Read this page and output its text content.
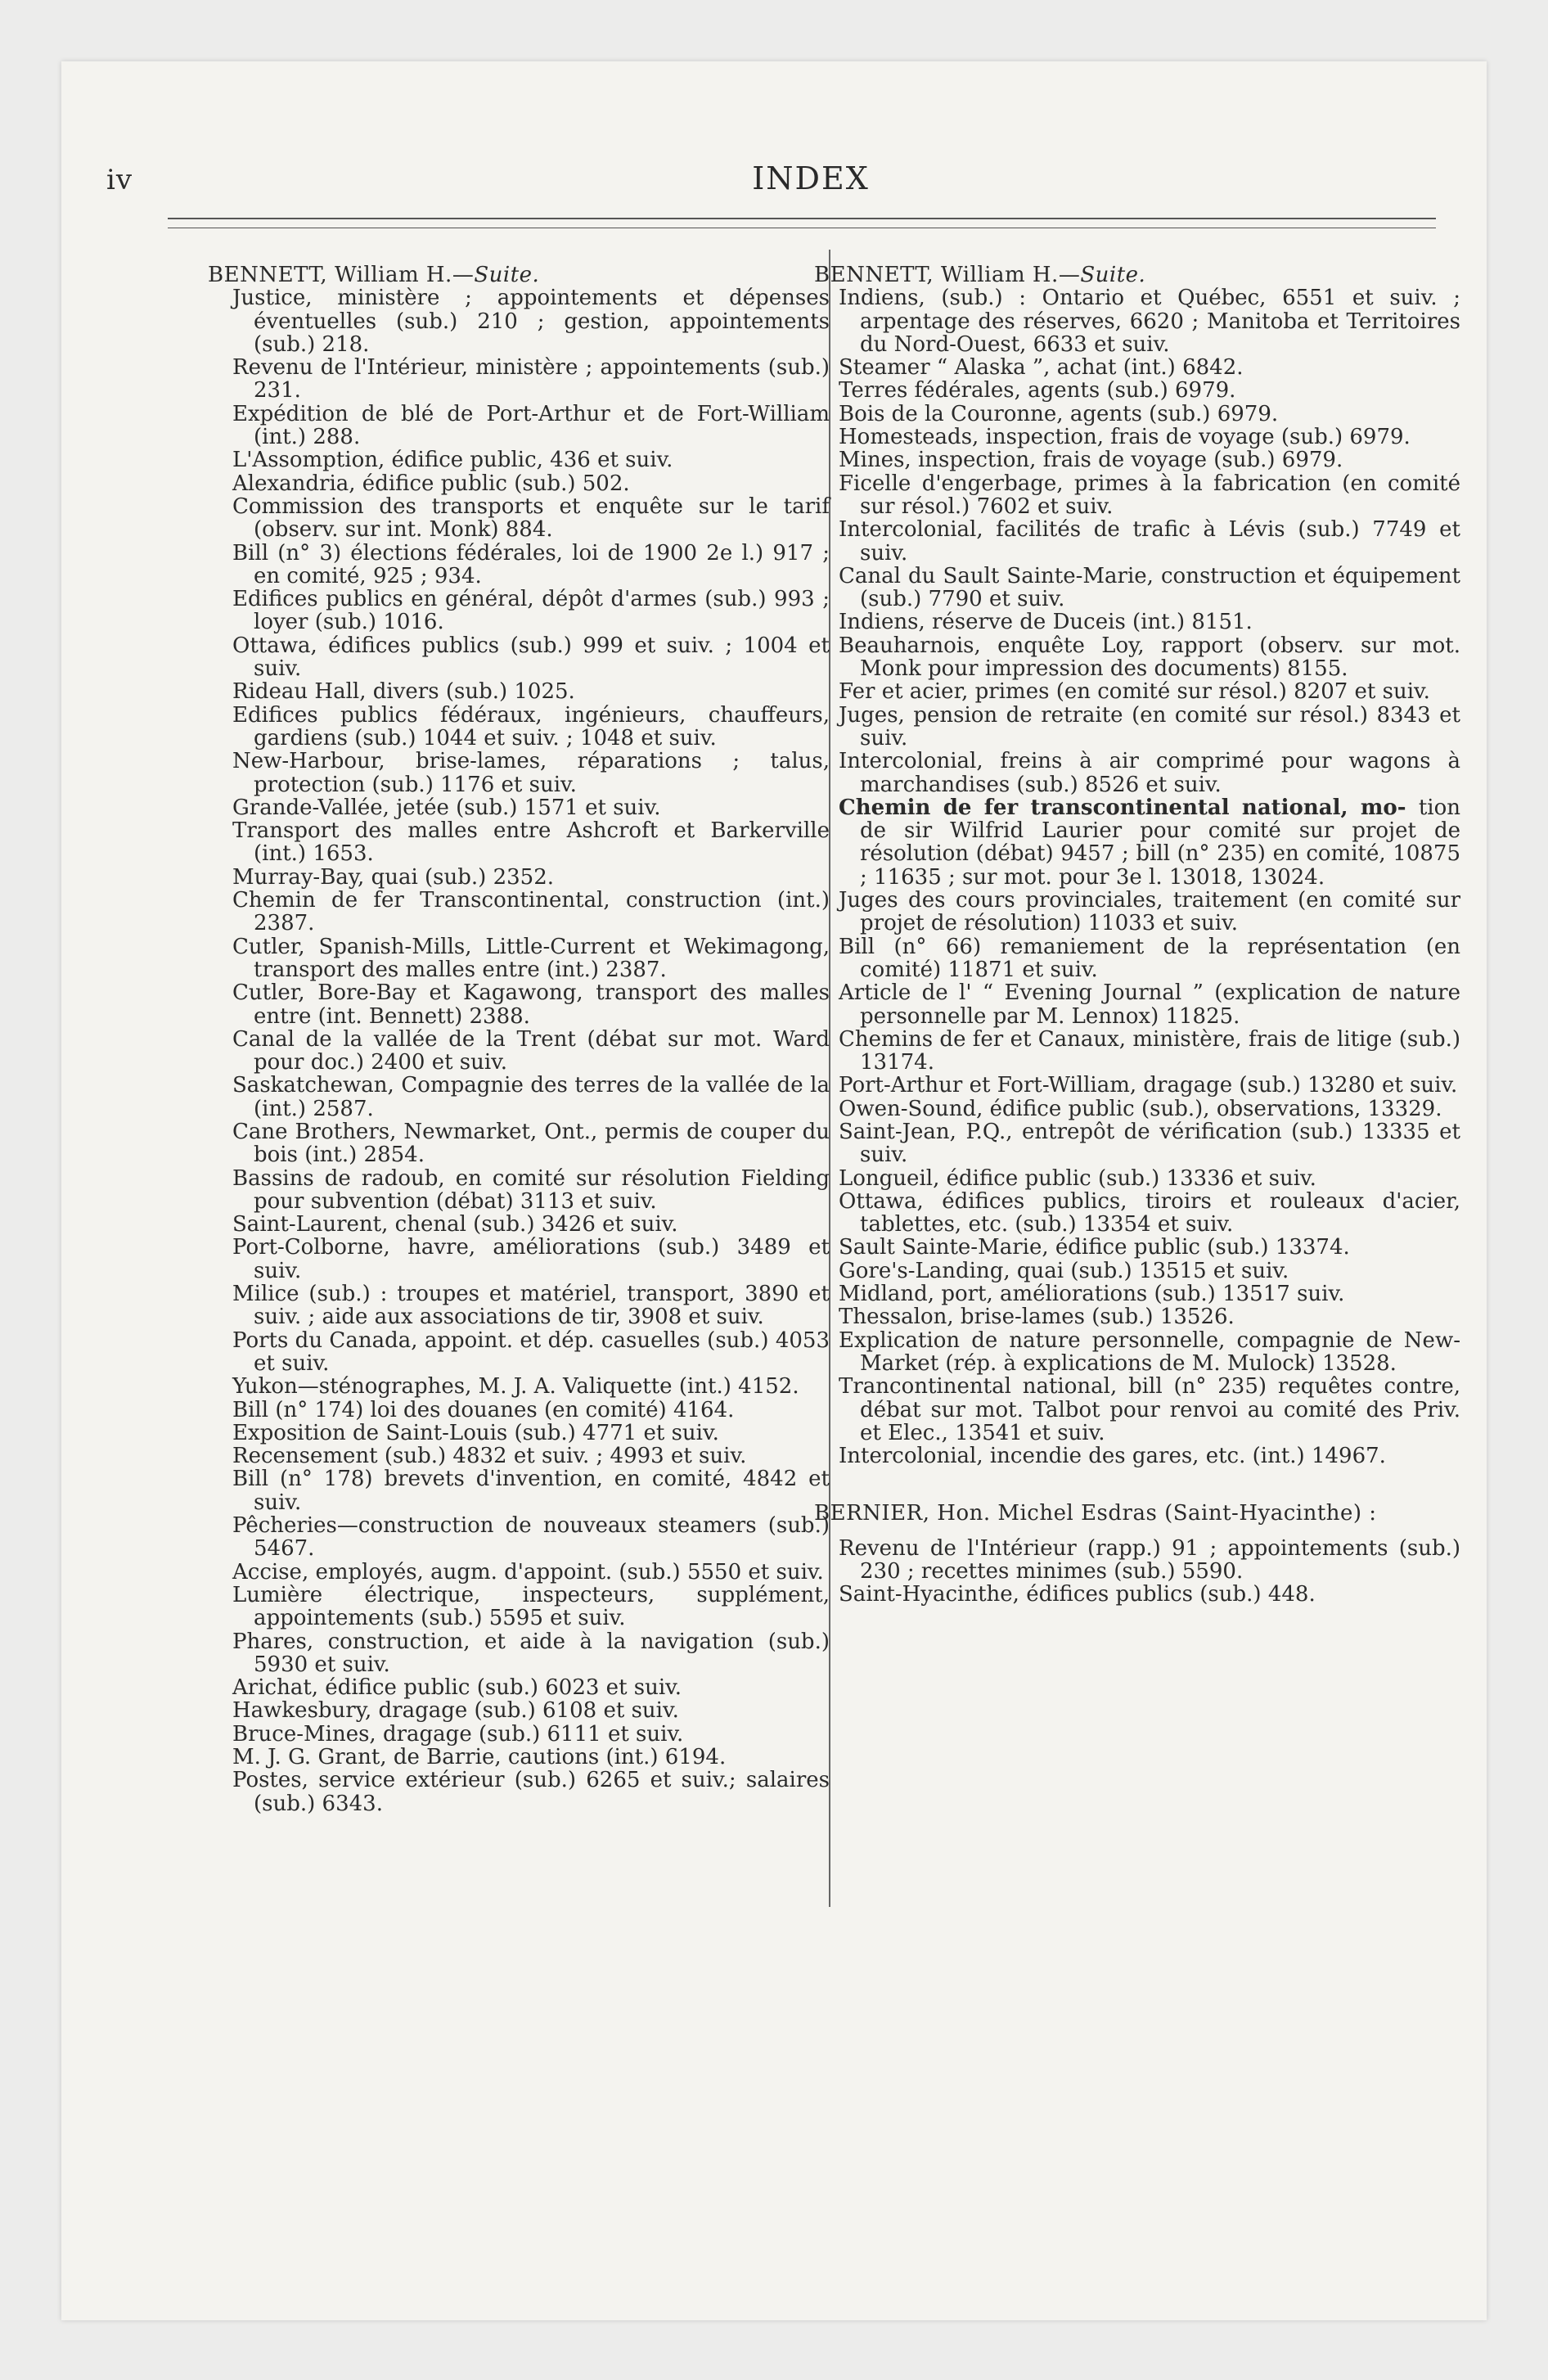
iv	INDEX

BENNETT, William H.—Suite.

Justice, ministère ; appointements et dépenses éventuelles (sub.) 210 ; gestion, appointements (sub.) 218.

Revenu de l'Intérieur, ministère ; appointements (sub.) 231.

Expédition de blé de Port-Arthur et de Fort-William (int.) 288.

L'Assomption, édifice public, 436 et suiv.

Alexandria, édifice public (sub.) 502.

Commission des transports et enquête sur le tarif (observ. sur int. Monk) 884.

Bill (n° 3) élections fédérales, loi de 1900 2e l.) 917 ; en comité, 925 ; 934.

Edifices publics en général, dépôt d'armes (sub.) 993 ; loyer (sub.) 1016.

Ottawa, édifices publics (sub.) 999 et suiv. ; 1004 et suiv.

Rideau Hall, divers (sub.) 1025.

Edifices publics fédéraux, ingénieurs, chauffeurs, gardiens (sub.) 1044 et suiv. ; 1048 et suiv.

New-Harbour, brise-lames, réparations ; talus, protection (sub.) 1176 et suiv.

Grande-Vallée, jetée (sub.) 1571 et suiv.

Transport des malles entre Ashcroft et Barkerville (int.) 1653.

Murray-Bay, quai (sub.) 2352.

Chemin de fer Transcontinental, construction (int.) 2387.

Cutler, Spanish-Mills, Little-Current et Wekimagong, transport des malles entre (int.) 2387.

Cutler, Bore-Bay et Kagawong, transport des malles entre (int. Bennett) 2388.

Canal de la vallée de la Trent (débat sur mot. Ward pour doc.) 2400 et suiv.

Saskatchewan, Compagnie des terres de la vallée de la (int.) 2587.

Cane Brothers, Newmarket, Ont., permis de couper du bois (int.) 2854.

Bassins de radoub, en comité sur résolution Fielding pour subvention (débat) 3113 et suiv.

Saint-Laurent, chenal (sub.) 3426 et suiv.

Port-Colborne, havre, améliorations (sub.) 3489 et suiv.

Milice (sub.) : troupes et matériel, transport, 3890 et suiv. ; aide aux associations de tir, 3908 et suiv.

Ports du Canada, appoint. et dép. casuelles (sub.) 4053 et suiv.

Yukon—sténographes, M. J. A. Valiquette (int.) 4152.

Bill (n° 174) loi des douanes (en comité) 4164.

Exposition de Saint-Louis (sub.) 4771 et suiv.

Recensement (sub.) 4832 et suiv. ; 4993 et suiv.

Bill (n° 178) brevets d'invention, en comité, 4842 et suiv.

Pêcheries—construction de nouveaux steamers (sub.) 5467.

Accise, employés, augm. d'appoint. (sub.) 5550 et suiv.

Lumière électrique, inspecteurs, supplément, appointements (sub.) 5595 et suiv.

Phares, construction, et aide à la navigation (sub.) 5930 et suiv.

Arichat, édifice public (sub.) 6023 et suiv.

Hawkesbury, dragage (sub.) 6108 et suiv.

Bruce-Mines, dragage (sub.) 6111 et suiv.

M. J. G. Grant, de Barrie, cautions (int.) 6194.

Postes, service extérieur (sub.) 6265 et suiv.; salaires (sub.) 6343.

BENNETT, William H.—Suite.

Indiens, (sub.) : Ontario et Québec, 6551 et suiv. ; arpentage des réserves, 6620 ; Manitoba et Territoires du Nord-Ouest, 6633 et suiv.

Steamer “ Alaska ”, achat (int.) 6842.

Terres fédérales, agents (sub.) 6979.

Bois de la Couronne, agents (sub.) 6979.

Homesteads, inspection, frais de voyage (sub.) 6979.

Mines, inspection, frais de voyage (sub.) 6979.

Ficelle d'engerbage, primes à la fabrication (en comité sur résol.) 7602 et suiv.

Intercolonial, facilités de trafic à Lévis (sub.) 7749 et suiv.

Canal du Sault Sainte-Marie, construction et équipement (sub.) 7790 et suiv.

Indiens, réserve de Duceis (int.) 8151.

Beauharnois, enquête Loy, rapport (observ. sur mot. Monk pour impression des documents) 8155.

Fer et acier, primes (en comité sur résol.) 8207 et suiv.

Juges, pension de retraite (en comité sur résol.) 8343 et suiv.

Intercolonial, freins à air comprimé pour wagons à marchandises (sub.) 8526 et suiv.

Chemin de fer transcontinental national, mo- tion de sir Wilfrid Laurier pour comité sur projet de résolution (débat) 9457 ; bill (n° 235) en comité, 10875 ; 11635 ; sur mot. pour 3e l. 13018, 13024.

Juges des cours provinciales, traitement (en comité sur projet de résolution) 11033 et suiv.

Bill (n° 66) remaniement de la représentation (en comité) 11871 et suiv.

Article de l' “ Evening Journal ” (explication de nature personnelle par M. Lennox) 11825.

Chemins de fer et Canaux, ministère, frais de litige (sub.) 13174.

Port-Arthur et Fort-William, dragage (sub.) 13280 et suiv.

Owen-Sound, édifice public (sub.), observations, 13329.

Saint-Jean, P.Q., entrepôt de vérification (sub.) 13335 et suiv.

Longueil, édifice public (sub.) 13336 et suiv.

Ottawa, édifices publics, tiroirs et rouleaux d'acier, tablettes, etc. (sub.) 13354 et suiv.

Sault Sainte-Marie, édifice public (sub.) 13374.

Gore's-Landing, quai (sub.) 13515 et suiv.

Midland, port, améliorations (sub.) 13517 suiv.

Thessalon, brise-lames (sub.) 13526.

Explication de nature personnelle, compagnie de New-Market (rép. à explications de M. Mulock) 13528.

Trancontinental national, bill (n° 235) requêtes contre, débat sur mot. Talbot pour renvoi au comité des Priv. et Elec., 13541 et suiv.

Intercolonial, incendie des gares, etc. (int.) 14967.

BERNIER, Hon. Michel Esdras (Saint-Hyacinthe) :

Revenu de l'Intérieur (rapp.) 91 ; appointements (sub.) 230 ; recettes minimes (sub.) 5590.

Saint-Hyacinthe, édifices publics (sub.) 448.
